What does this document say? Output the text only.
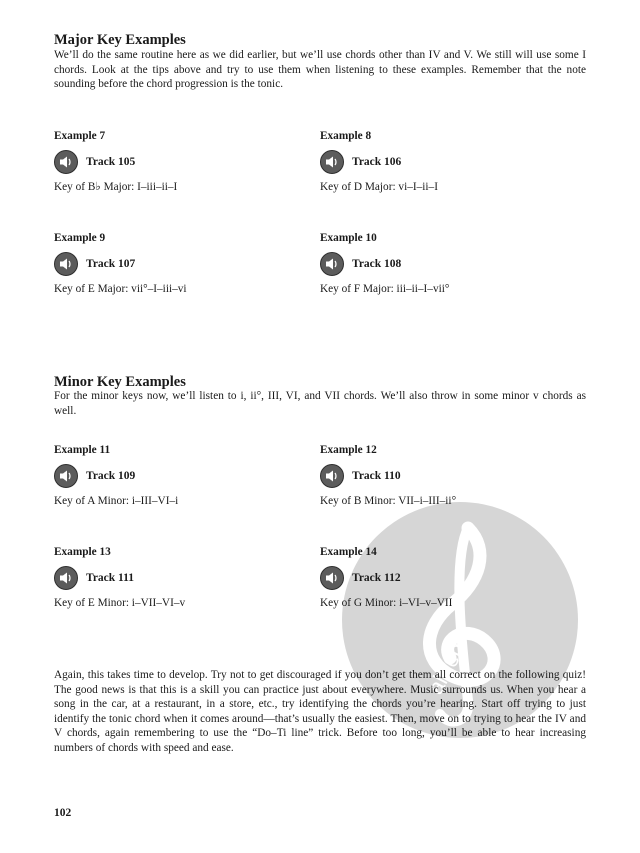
alfred
Major Key Examples

We’ll do the same routine here as we did earlier, but we’ll use chords other than IV and V. We still will use some I chords. Look at the tips above and try to use them when listening to these examples. Remember that the note sounding before the chord progression is the tonic.

Example 7
Track 105
Key of B♭ Major: I–iii–ii–I
Example 8
Track 106
Key of D Major: vi–I–ii–I
Example 9
Track 107
Key of E Major: vii°–I–iii–vi
Example 10
Track 108
Key of F Major: iii–ii–I–vii°
Minor Key Examples

For the minor keys now, we’ll listen to i, ii°, III, VI, and VII chords. We’ll also throw in some minor v chords as well.

Example 11
Track 109
Key of A Minor: i–III–VI–i
Example 12
Track 110
Key of B Minor: VII–i–III–ii°
Example 13
Track 111
Key of E Minor: i–VII–VI–v
Example 14
Track 112
Key of G Minor: i–VI–v–VII

Again, this takes time to develop. Try not to get discouraged if you don’t get them all correct on the following quiz! The good news is that this is a skill you can practice just about everywhere. Music surrounds us. When you hear a song in the car, at a restaurant, in a store, etc., try identifying the chords you’re hearing. Start off trying to just identify the tonic chord when it comes around—that’s usually the easiest. Then, move on to trying to hear the IV and V chords, again remembering to use the “Do–Ti line” trick. Before too long, you’ll be able to hear increasing numbers of chords with speed and ease.

102
